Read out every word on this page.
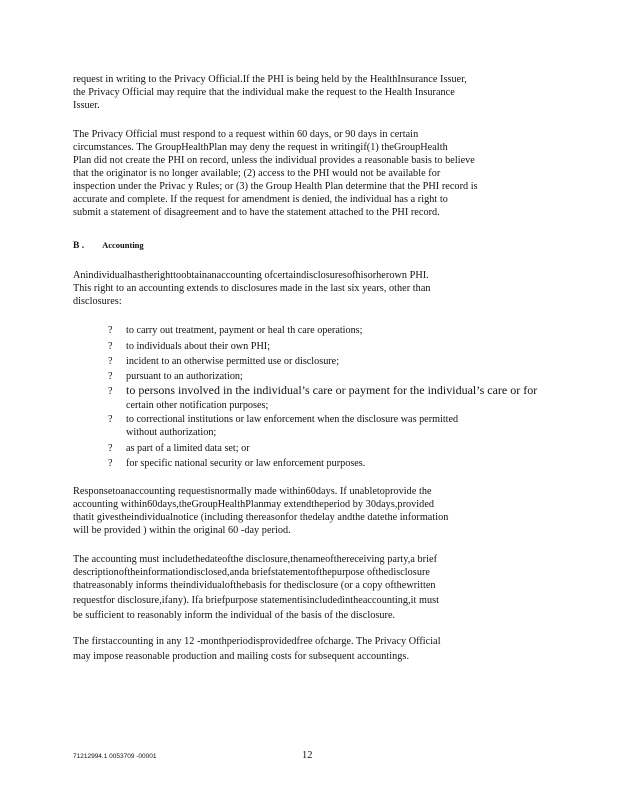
request in writing to the Privacy Official.If the PHI is being held by the HealthInsurance Issuer,
the Privacy Official may require that the individual make the request to the Health Insurance
Issuer.
The Privacy Official must respond to a request within 60 days, or 90 days in certain
circumstances. The GroupHealthPlan may deny the request in writingif(1) theGroupHealth
Plan did not create the PHI on record, unless the individual provides a reasonable basis to believe
that the originator is no longer available; (2) access to the PHI would not be available for
inspection under the Privac y Rules; or (3) the Group Health Plan determine that the PHI record is
accurate and complete. If the request for amendment is denied, the individual has a right to
submit a statement of disagreement and to have the statement attached to the PHI record.
B . Accounting
Anindividualhastherighttoobtainanaccounting ofcertaindisclosuresofhisorherown PHI.
This right to an accounting extends to disclosures made in the last six years, other than
disclosures:
? to carry out treatment, payment or heal th care operations;
? to individuals about their own PHI;
? incident to an otherwise permitted use or disclosure;
? pursuant to an authorization;
? to persons involved in the individual’s care or payment for the individual’s care or for
certain other notification purposes;
? to correctional institutions or law enforcement when the disclosure was permitted
without authorization;
? as part of a limited data set; or
? for specific national security or law enforcement purposes.
Responsetoanaccounting requestisnormally made within60days. If unabletoprovide the
accounting within60days,theGroupHealthPlanmay extendtheperiod by 30days,provided
thatit givestheindividualnotice (including thereasonfor thedelay andthe datethe information
will be provided ) within the original 60 -day period.
The accounting must includethedateofthe disclosure,thenameofthereceiving party,a brief
descriptionoftheinformationdisclosed,anda briefstatementofthepurpose ofthedisclosure
thatreasonably informs theindividualofthebasis for thedisclosure (or a copy ofthewritten
requestfor disclosure,ifany). Ifa briefpurpose statementisincludedintheaccounting,it must
be sufficient to reasonably inform the individual of the basis of the disclosure.
The firstaccounting in any 12 -monthperiodisprovidedfree ofcharge. The Privacy Official
may impose reasonable production and mailing costs for subsequent accountings.
71212994.1 0053709 -00001	12
